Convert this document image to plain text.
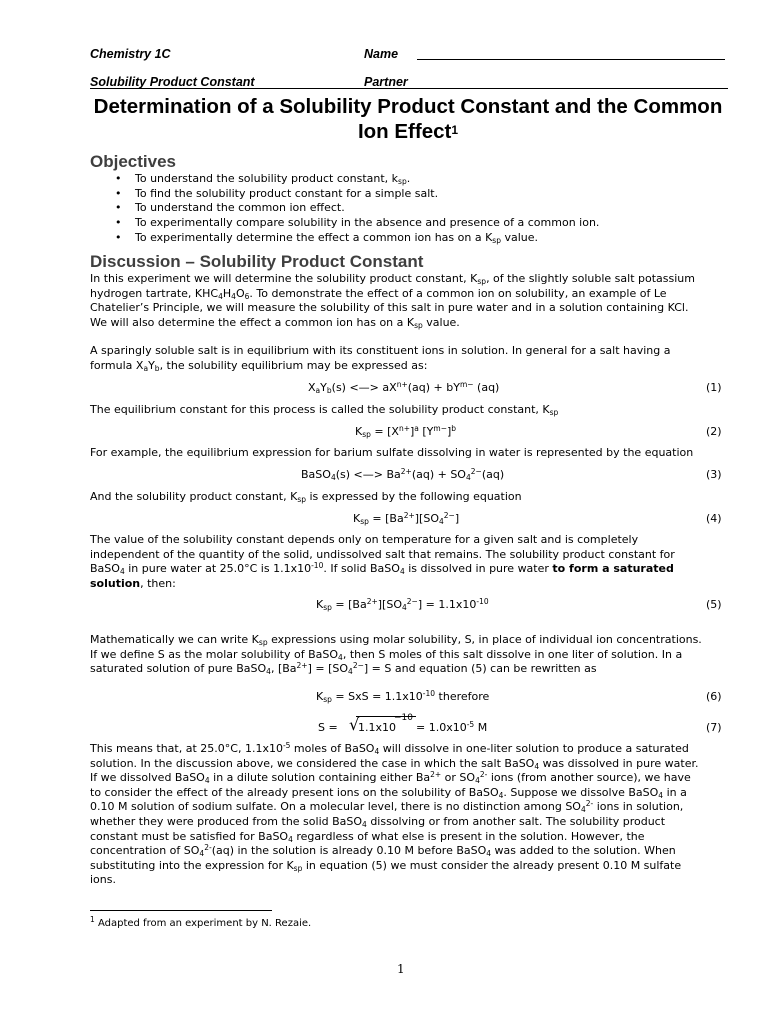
Chemistry 1C	Name
Solubility Product Constant	Partner
Determination of a Solubility Product Constant and the Common
Ion Effect$^1$
Objectives
• To understand the solubility product constant, $k_{sp}$.
• To find the solubility product constant for a simple salt.
• To understand the common ion effect.
• To experimentally compare solubility in the absence and presence of a common ion.
• To experimentally determine the effect a common ion has on a $K_{sp}$ value.
Discussion – Solubility Product Constant
In this experiment we will determine the solubility product constant, $K_{sp}$, of the slightly soluble salt potassium
hydrogen tartrate, $KHC_4H_4O_6$. To demonstrate the effect of a common ion on solubility, an example of Le
Chatelier’s Principle, we will measure the solubility of this salt in pure water and in a solution containing KCl.
We will also determine the effect a common ion has on a $K_{sp}$ value.
A sparingly soluble salt is in equilibrium with its constituent ions in solution. In general for a salt having a
formula $X_aY_b$, the solubility equilibrium may be expressed as:
$X_aY_b(s)$ <—> $aX^{n+}(aq) + bY^{m-}$ (aq)	(1)
The equilibrium constant for this process is called the solubility product constant, $K_{sp}$
$K_{sp} = [X^{n+}]^a$ $[Y^{m-}]^b$	(2)
For example, the equilibrium expression for barium sulfate dissolving in water is represented by the equation
BaSO$_4$(s) <—> $Ba^{2+}(aq) + SO_4^{2-}(aq)$	(3)
And the solubility product constant, $K_{sp}$ is expressed by the following equation
$K_{sp} = [Ba^{2+}][SO_4^{2-}]$	(4)
The value of the solubility constant depends only on temperature for a given salt and is completely
independent of the quantity of the solid, undissolved salt that remains. The solubility product constant for
BaSO$_4$ in pure water at 25.0°C is $1.1x10^{-10}$. If solid BaSO$_4$ is dissolved in pure water to form a saturated
solution, then:
$K_{sp} = [Ba^{2+}][SO_4^{2-}] = 1.1x10^{-10}$	(5)
Mathematically we can write $K_{sp}$ expressions using molar solubility, S, in place of individual ion concentrations.
If we define S as the molar solubility of BaSO$_4$, then S moles of this salt dissolve in one liter of solution. In a
saturated solution of pure BaSO$_4$, $[Ba^{2+}] = [SO_4^{2-}] = S$ and equation (5) can be rewritten as
$K_{sp}$ = SxS = $1.1x10^{-10}$ therefore	(6)
S = √
1.1x10
−10
= $1.0x10^{-5}$ M	(7)
This means that, at 25.0°C, $1.1x10^{-5}$ moles of BaSO$_4$ will dissolve in one-liter solution to produce a saturated
solution. In the discussion above, we considered the case in which the salt BaSO$_4$ was dissolved in pure water.
If we dissolved BaSO$_4$ in a dilute solution containing either $Ba^{2+}$ or $SO_4^{2-}$ ions (from another source), we have
to consider the effect of the already present ions on the solubility of BaSO$_4$. Suppose we dissolve BaSO$_4$ in a
0.10 M solution of sodium sulfate. On a molecular level, there is no distinction among $SO_4^{2-}$ ions in solution,
whether they were produced from the solid BaSO$_4$ dissolving or from another salt. The solubility product
constant must be satisfied for BaSO$_4$ regardless of what else is present in the solution. However, the
concentration of $SO_4^{2-}(aq)$ in the solution is already 0.10 M before BaSO$_4$ was added to the solution. When
substituting into the expression for $K_{sp}$ in equation (5) we must consider the already present 0.10 M sulfate
ions.
$^1$ Adapted from an experiment by N. Rezaie.
1
